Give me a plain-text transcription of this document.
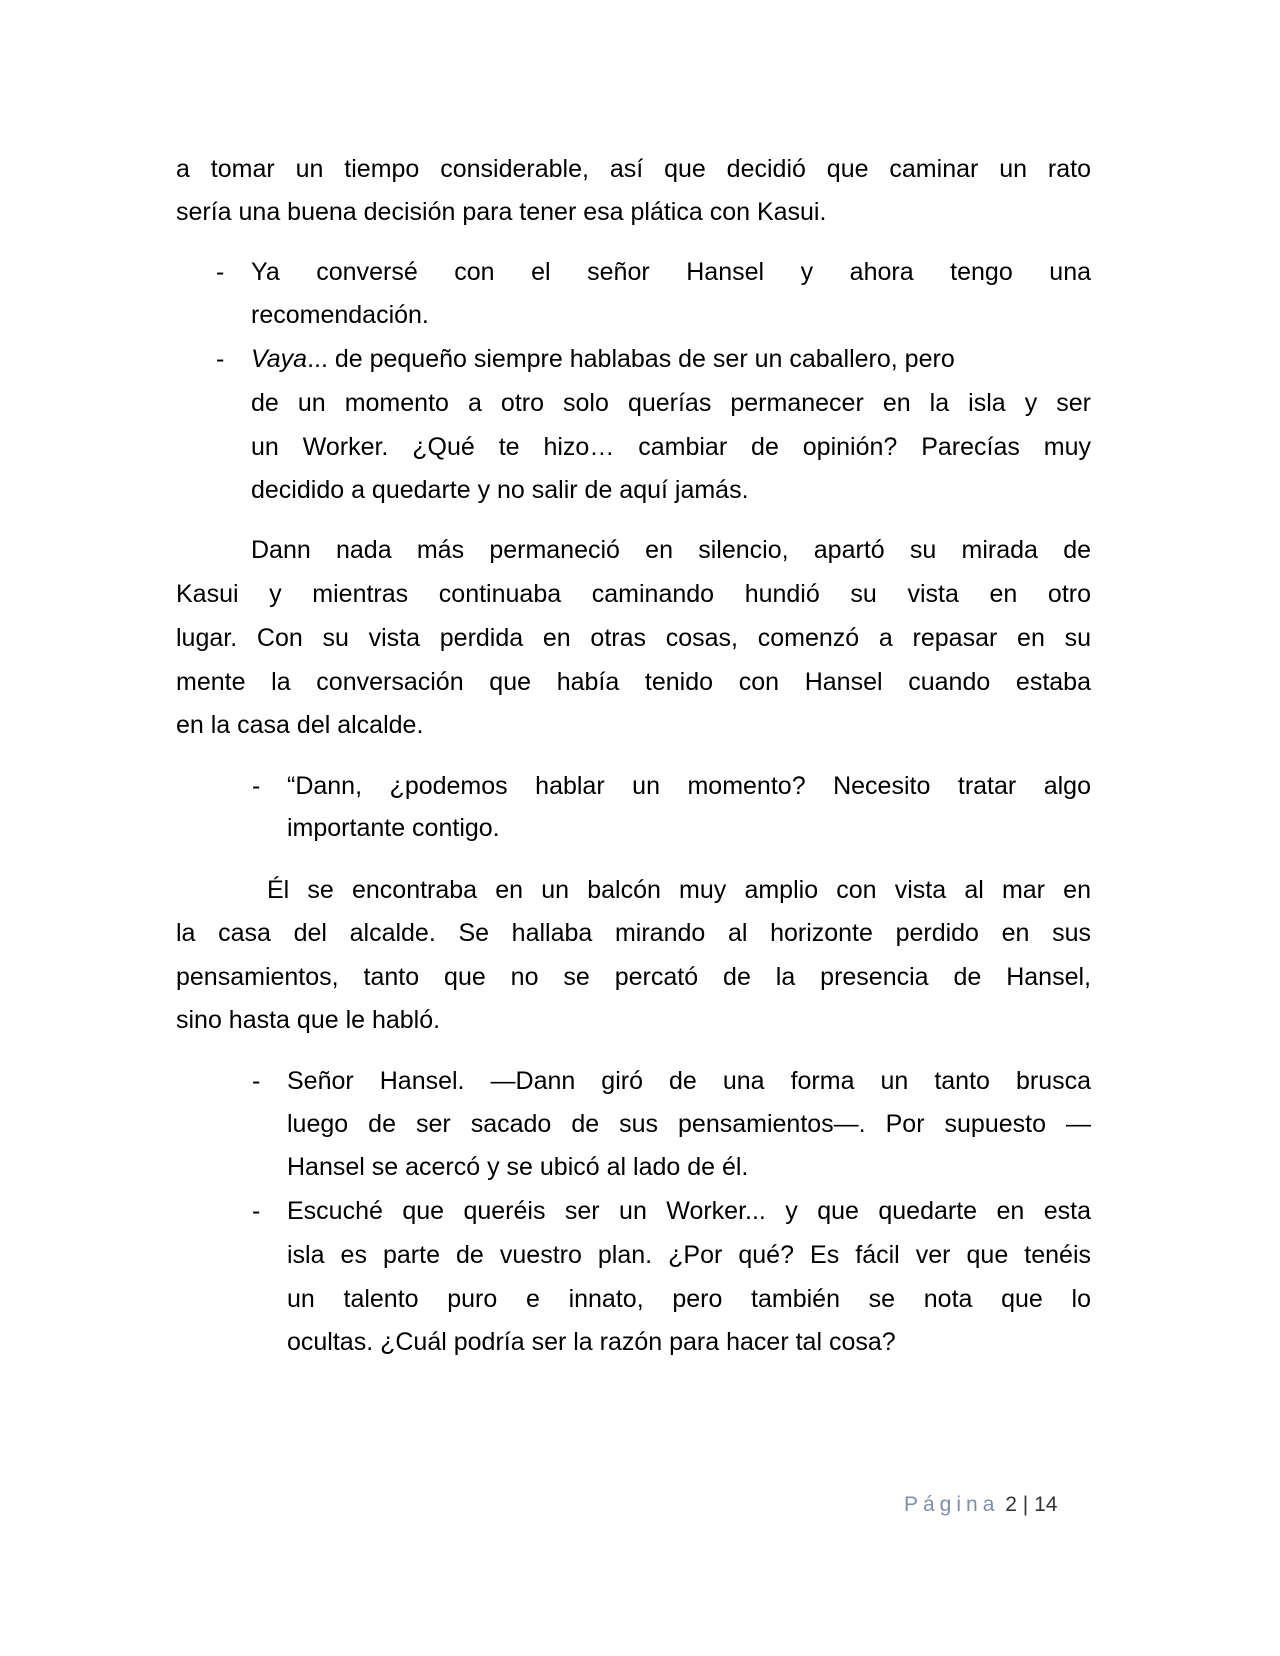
a tomar un tiempo considerable, así que decidió que caminar un rato
sería una buena decisión para tener esa plática con Kasui.
- Ya conversé con el señor Hansel y ahora tengo una
recomendación.
- Vaya... de pequeño siempre hablabas de ser un caballero, pero
de un momento a otro solo querías permanecer en la isla y ser
un Worker. ¿Qué te hizo… cambiar de opinión? Parecías muy
decidido a quedarte y no salir de aquí jamás.
Dann nada más permaneció en silencio, apartó su mirada de
Kasui y mientras continuaba caminando hundió su vista en otro
lugar. Con su vista perdida en otras cosas, comenzó a repasar en su
mente la conversación que había tenido con Hansel cuando estaba
en la casa del alcalde.
- “Dann, ¿podemos hablar un momento? Necesito tratar algo
importante contigo.
Él se encontraba en un balcón muy amplio con vista al mar en
la casa del alcalde. Se hallaba mirando al horizonte perdido en sus
pensamientos, tanto que no se percató de la presencia de Hansel,
sino hasta que le habló.
- Señor Hansel. —Dann giró de una forma un tanto brusca
luego de ser sacado de sus pensamientos—. Por supuesto —
Hansel se acercó y se ubicó al lado de él.
- Escuché que queréis ser un Worker... y que quedarte en esta
isla es parte de vuestro plan. ¿Por qué? Es fácil ver que tenéis
un talento puro e innato, pero también se nota que lo
ocultas. ¿Cuál podría ser la razón para hacer tal cosa?
Página 2 | 14
